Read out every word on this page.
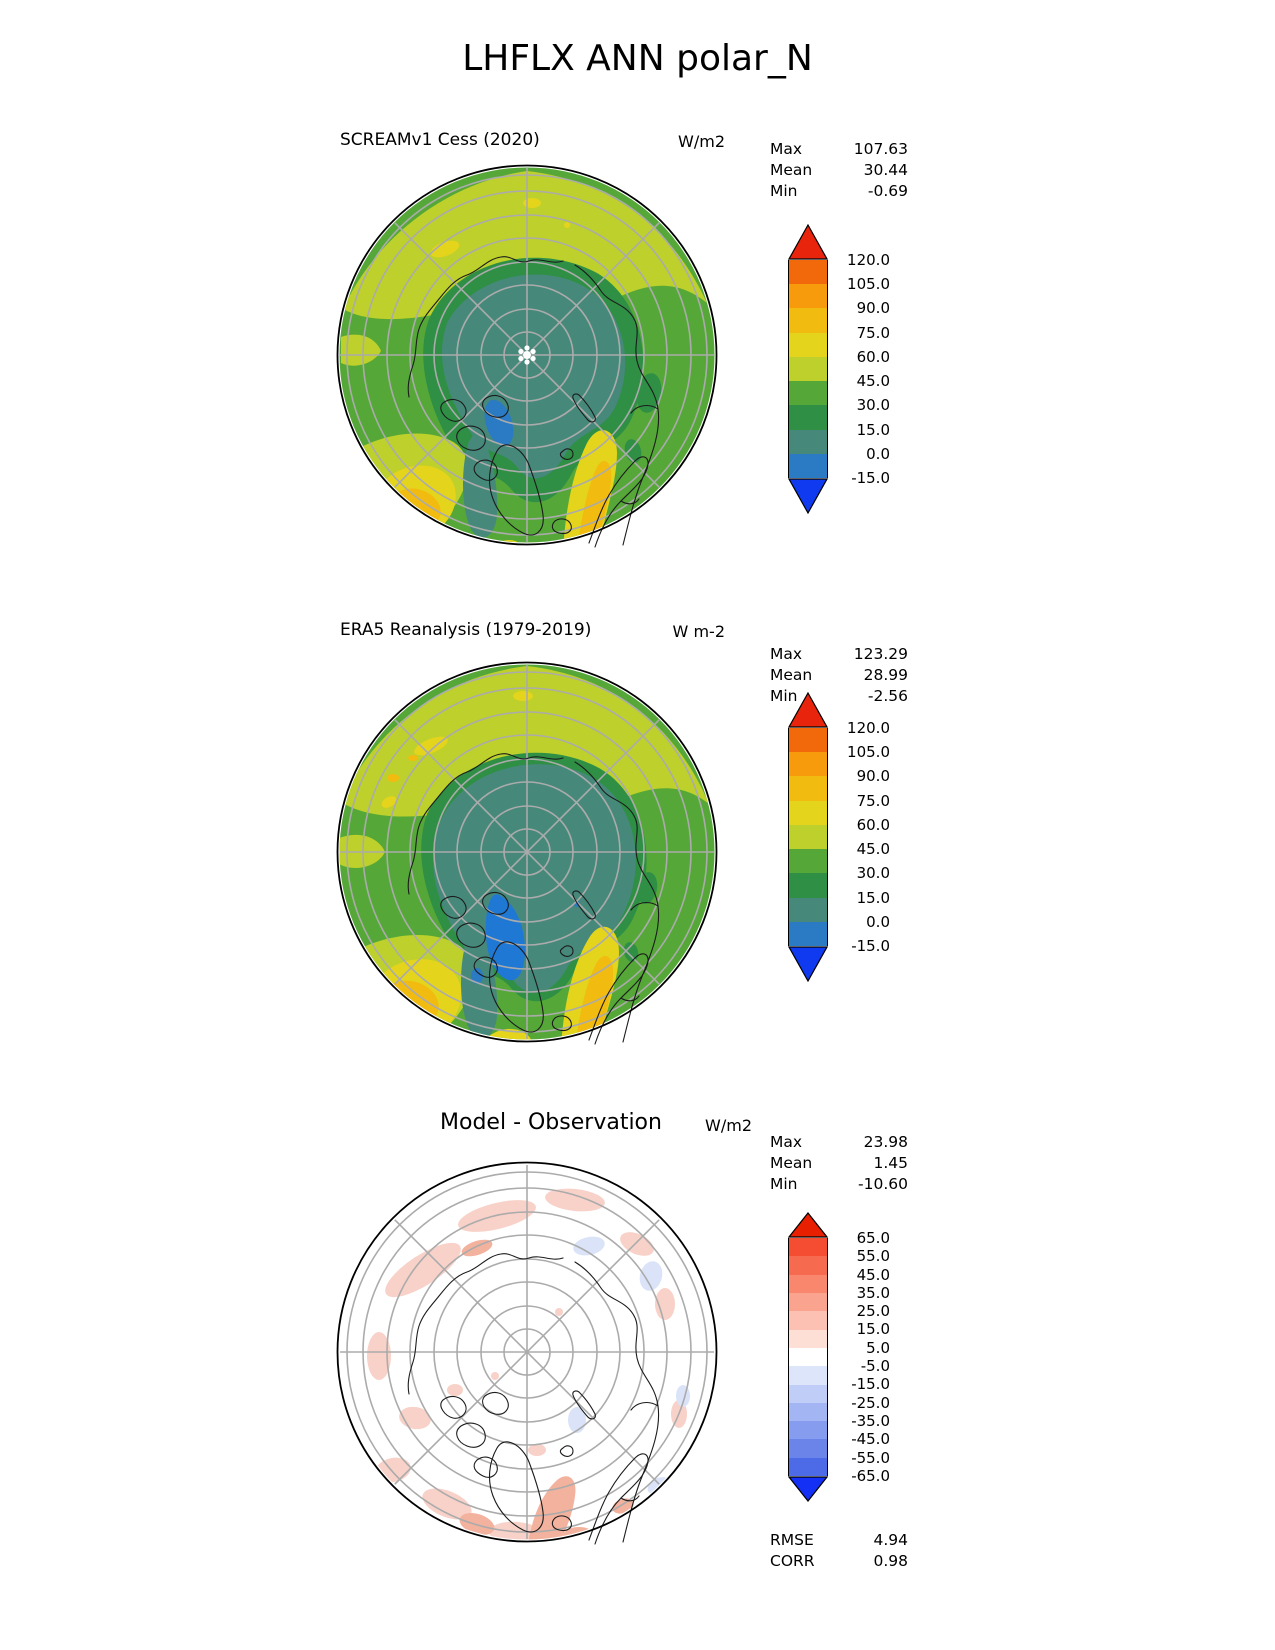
LHFLX ANN polar_N
SCREAMv1 Cess (2020)	W/m2	Max	107.63
Mean	30.44
Min	-0.69
120.0
105.0
90.0
75.0
60.0
45.0
30.0
15.0
0.0
-15.0
ERA5 Reanalysis (1979-2019)	W m-2
Max	123.29
Mean	28.99
Min	-2.56
120.0
105.0
90.0
75.0
60.0
45.0
30.0
15.0
0.0
-15.0
Model - Observation	W/m2
Max	23.98
Mean	1.45
Min	-10.60
65.0
55.0
45.0
35.0
25.0
15.0
5.0
-5.0
-15.0
-25.0
-35.0
-45.0
-55.0
-65.0
RMSE	4.94
CORR	0.98
